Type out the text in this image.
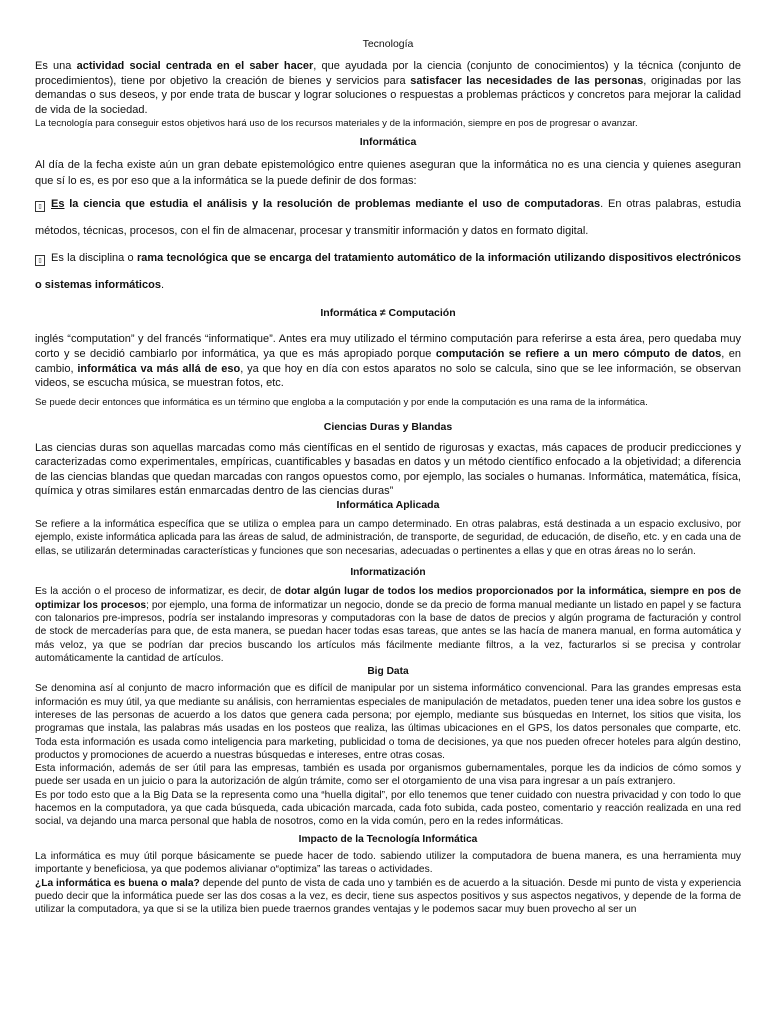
Tecnología

Es una actividad social centrada en el saber hacer, que ayudada por la ciencia (conjunto de conocimientos) y la técnica (conjunto de procedimientos), tiene por objetivo la creación de bienes y servicios para satisfacer las necesidades de las personas, originadas por las demandas o sus deseos, y por ende trata de buscar y lograr soluciones o respuestas a problemas prácticos y concretos para mejorar la calidad de vida de la sociedad.

La tecnología para conseguir estos objetivos hará uso de los recursos materiales y de la información, siempre en pos de progresar o avanzar.

Informática

Al día de la fecha existe aún un gran debate epistemológico entre quienes aseguran que la informática no es una ciencia y quienes aseguran que sí lo es, es por eso que a la informática se la puede definir de dos formas:

▯ Es la ciencia que estudia el análisis y la resolución de problemas mediante el uso de computadoras. En otras palabras, estudia métodos, técnicas, procesos, con el fin de almacenar, procesar y transmitir información y datos en formato digital.

▯ Es la disciplina o rama tecnológica que se encarga del tratamiento automático de la información utilizando dispositivos electrónicos o sistemas informáticos.

Informática ≠ Computación

inglés “computation” y del francés “informatique”. Antes era muy utilizado el término computación para referirse a esta área, pero quedaba muy corto y se decidió cambiarlo por informática, ya que es más apropiado porque computación se refiere a un mero cómputo de datos, en cambio, informática va más allá de eso, ya que hoy en día con estos aparatos no solo se calcula, sino que se lee información, se observan videos, se escucha música, se muestran fotos, etc.

Se puede decir entonces que informática es un término que engloba a la computación y por ende la computación es una rama de la informática.

Ciencias Duras y Blandas

Las ciencias duras son aquellas marcadas como más científicas en el sentido de rigurosas y exactas, más capaces de producir predicciones y caracterizadas como experimentales, empíricas, cuantificables y basadas en datos y un método científico enfocado a la objetividad; a diferencia de las ciencias blandas que quedan marcadas con rangos opuestos como, por ejemplo, las sociales o humanas. Informática, matemática, física, química y otras similares están enmarcadas dentro de las ciencias duras”

Informática Aplicada

Se refiere a la informática específica que se utiliza o emplea para un campo determinado. En otras palabras, está destinada a un espacio exclusivo, por ejemplo, existe informática aplicada para las áreas de salud, de administración, de transporte, de seguridad, de educación, de diseño, etc. y en cada una de ellas, se utilizarán determinadas características y funciones que son necesarias, adecuadas o pertinentes a ellas y que en otras áreas no lo serán.

Informatización

Es la acción o el proceso de informatizar, es decir, de dotar algún lugar de todos los medios proporcionados por la informática, siempre en pos de optimizar los procesos; por ejemplo, una forma de informatizar un negocio, donde se da precio de forma manual mediante un listado en papel y se factura con talonarios pre-impresos, podría ser instalando impresoras y computadoras con la base de datos de precios y algún programa de facturación y control de stock de mercaderías para que, de esta manera, se puedan hacer todas esas tareas, que antes se las hacía de manera manual, en forma automática y más veloz, ya que se podrían dar precios buscando los artículos más fácilmente mediante filtros, a la vez, facturarlos si se precisa y controlar automáticamente la cantidad de artículos.

Big Data

Se denomina así al conjunto de macro información que es difícil de manipular por un sistema informático convencional. Para las grandes empresas esta información es muy útil, ya que mediante su análisis, con herramientas especiales de manipulación de metadatos, pueden tener una idea sobre los gustos e intereses de las personas de acuerdo a los datos que genera cada persona; por ejemplo, mediante sus búsquedas en Internet, los sitios que visita, los programas que instala, las palabras más usadas en los posteos que realiza, las últimas ubicaciones en el GPS, los datos personales que comparte, etc. Toda esta información es usada como inteligencia para marketing, publicidad o toma de decisiones, ya que nos pueden ofrecer hoteles para algún destino, productos y promociones de acuerdo a nuestras búsquedas e intereses, entre otras cosas.

Esta información, además de ser útil para las empresas, también es usada por organismos gubernamentales, porque les da indicios de cómo somos y puede ser usada en un juicio o para la autorización de algún trámite, como ser el otorgamiento de una visa para ingresar a un país extranjero.

Es por todo esto que a la Big Data se la representa como una “huella digital”, por ello tenemos que tener cuidado con nuestra privacidad y con todo lo que hacemos en la computadora, ya que cada búsqueda, cada ubicación marcada, cada foto subida, cada posteo, comentario y reacción realizada en una red social, va dejando una marca personal que habla de nosotros, como en la vida común, pero en la redes informáticas.

Impacto de la Tecnología Informática

La informática es muy útil porque básicamente se puede hacer de todo. sabiendo utilizer la computadora de buena manera, es una herramienta muy importante y beneficiosa, ya que podemos alivianar o“optimiza” las tareas o actividades.

¿La informática es buena o mala? depende del punto de vista de cada uno y también es de acuerdo a la situación. Desde mi punto de vista y experiencia puedo decir que la informática puede ser las dos cosas a la vez, es decir, tiene sus aspectos positivos y sus aspectos negativos, y depende de la forma de utilizar la computadora, ya que si se la utiliza bien puede traernos grandes ventajas y le podemos sacar muy buen provecho al ser un
